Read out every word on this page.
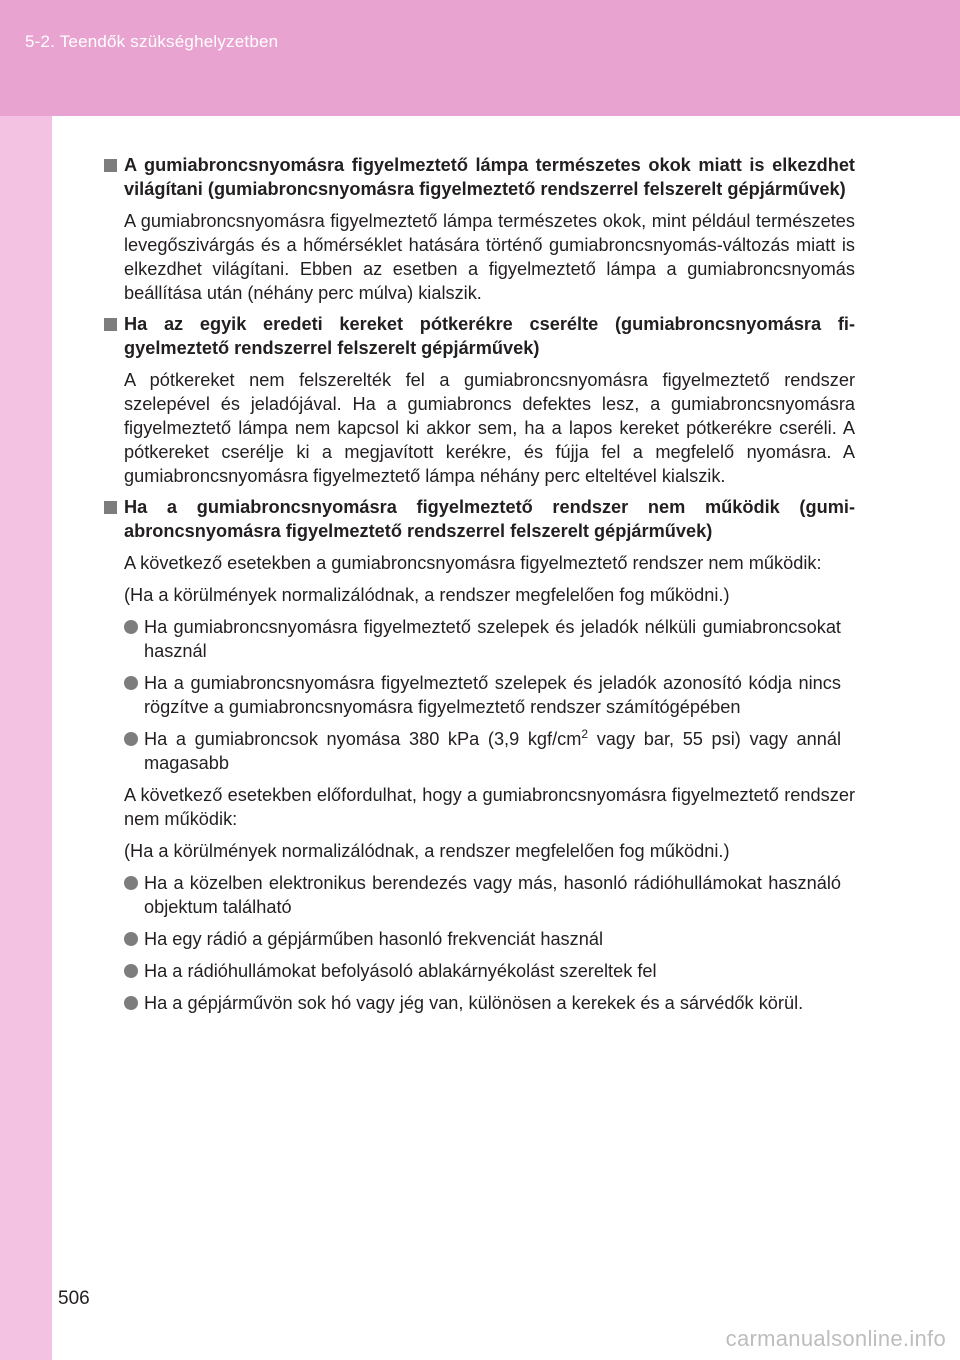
5-2. Teendők szükséghelyzetben
A gumiabroncsnyomásra figyelmeztető lámpa természetes okok miatt is elkezdhet világítani (gumiabroncsnyomásra figyelmeztető rendszerrel felszerelt gépjárművek)

A gumiabroncsnyomásra figyelmeztető lámpa természetes okok, mint például természetes levegőszivárgás és a hőmérséklet hatására történő gumiabroncsnyomás-változás miatt is elkezdhet világítani. Ebben az esetben a figyelmeztető lámpa a gumiabroncsnyomás beállítása után (néhány perc múlva) kialszik.

Ha az egyik eredeti kereket pótkerékre cserélte (gumiabroncsnyomásra figyelmeztető rendszerrel felszerelt gépjárművek)

A pótkereket nem felszerelték fel a gumiabroncsnyomásra figyelmeztető rendszer szelepével és jeladójával. Ha a gumiabroncs defektes lesz, a gumiabroncsnyomásra figyelmeztető lámpa nem kapcsol ki akkor sem, ha a lapos kereket pótkerékre cseréli. A pótkereket cserélje ki a megjavított kerékre, és fújja fel a megfelelő nyomásra. A gumiabroncsnyomásra figyelmeztető lámpa néhány perc elteltével kialszik.

Ha a gumiabroncsnyomásra figyelmeztető rendszer nem működik (gumiabroncsnyomásra figyelmeztető rendszerrel felszerelt gépjárművek)

A következő esetekben a gumiabroncsnyomásra figyelmeztető rendszer nem működik:

(Ha a körülmények normalizálódnak, a rendszer megfelelően fog működni.)

Ha gumiabroncsnyomásra figyelmeztető szelepek és jeladók nélküli gumiabroncsokat használ
Ha a gumiabroncsnyomásra figyelmeztető szelepek és jeladók azonosító kódja nincs rögzítve a gumiabroncsnyomásra figyelmeztető rendszer számítógépében
Ha a gumiabroncsok nyomása 380 kPa (3,9 kgf/$cm^2$ vagy bar, 55 psi) vagy annál magasabb

A következő esetekben előfordulhat, hogy a gumiabroncsnyomásra figyelmeztető rendszer nem működik:

(Ha a körülmények normalizálódnak, a rendszer megfelelően fog működni.)

Ha a közelben elektronikus berendezés vagy más, hasonló rádióhullámokat használó objektum található
Ha egy rádió a gépjárműben hasonló frekvenciát használ
Ha a rádióhullámokat befolyásoló ablakárnyékolást szereltek fel
Ha a gépjárművön sok hó vagy jég van, különösen a kerekek és a sárvédők körül.
506
carmanualsonline.info
